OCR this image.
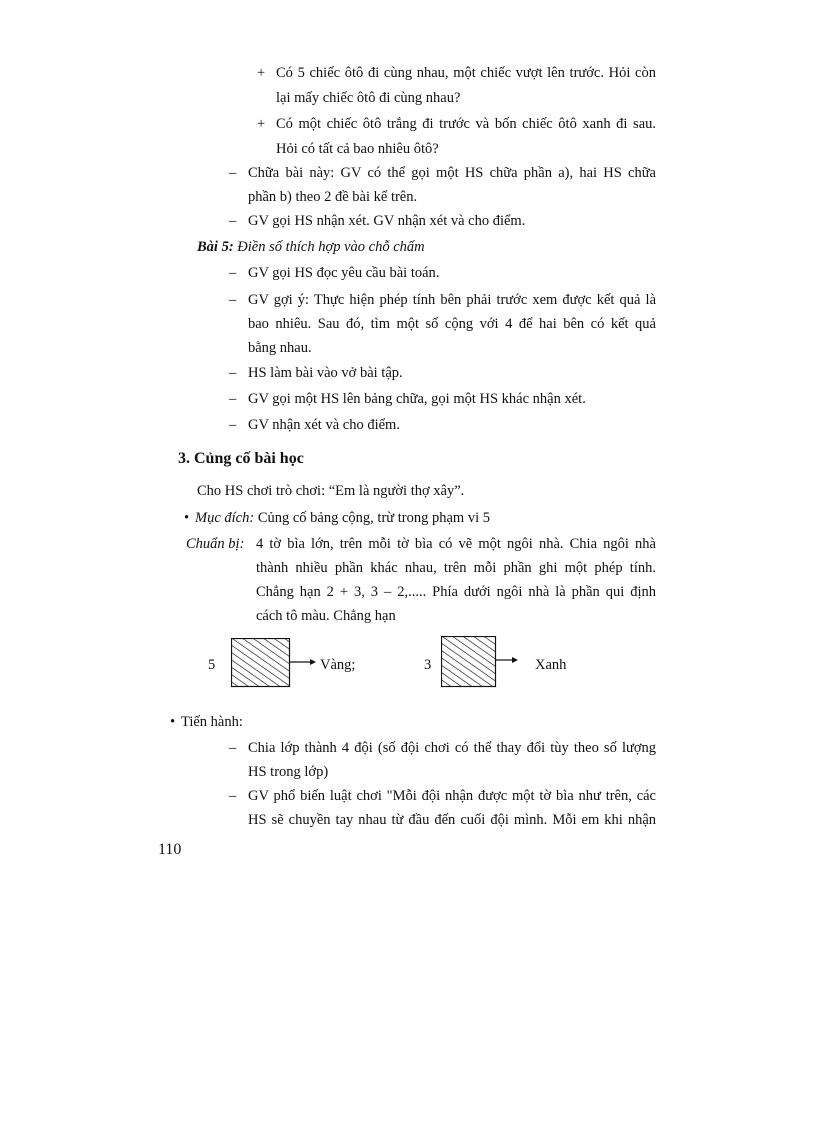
+ Có 5 chiếc ôtô đi cùng nhau, một chiếc vượt lên trước. Hỏi còn
lại mấy chiếc ôtô đi cùng nhau?
+ Có một chiếc ôtô trắng đi trước và bốn chiếc ôtô xanh đi sau.
Hỏi có tất cả bao nhiêu ôtô?
– Chữa bài này: GV có thể gọi một HS chữa phần a), hai HS chữa
phần b) theo 2 đề bài kể trên.
– GV gọi HS nhận xét. GV nhận xét và cho điểm.
Bài 5: Điền số thích hợp vào chỗ chấm
– GV gọi HS đọc yêu cầu bài toán.
– GV gợi ý: Thực hiện phép tính bên phải trước xem được kết quả là
bao nhiêu. Sau đó, tìm một số cộng với 4 để hai bên có kết quả
bằng nhau.
– HS làm bài vào vở bài tập.
– GV gọi một HS lên bảng chữa, gọi một HS khác nhận xét.
– GV nhận xét và cho điểm.
3. Củng cố bài học
Cho HS chơi trò chơi: “Em là người thợ xây”.
• Mục đích: Củng cố bảng cộng, trừ trong phạm vi 5
Chuẩn bị: 4 tờ bìa lớn, trên mỗi tờ bìa có vẽ một ngôi nhà. Chia ngôi nhà
thành nhiều phần khác nhau, trên mỗi phần ghi một phép tính.
Chẳng hạn 2 + 3, 3 – 2,..... Phía dưới ngôi nhà là phần qui định
cách tô màu. Chẳng hạn
5	Vàng;	3	Xanh
• Tiến hành:
– Chia lớp thành 4 đội (số đội chơi có thể thay đổi tùy theo số lượng
HS trong lớp)
– GV phổ biến luật chơi "Mỗi đội nhận được một tờ bìa như trên, các
HS sẽ chuyền tay nhau từ đầu đến cuối đội mình. Mỗi em khi nhận
110
